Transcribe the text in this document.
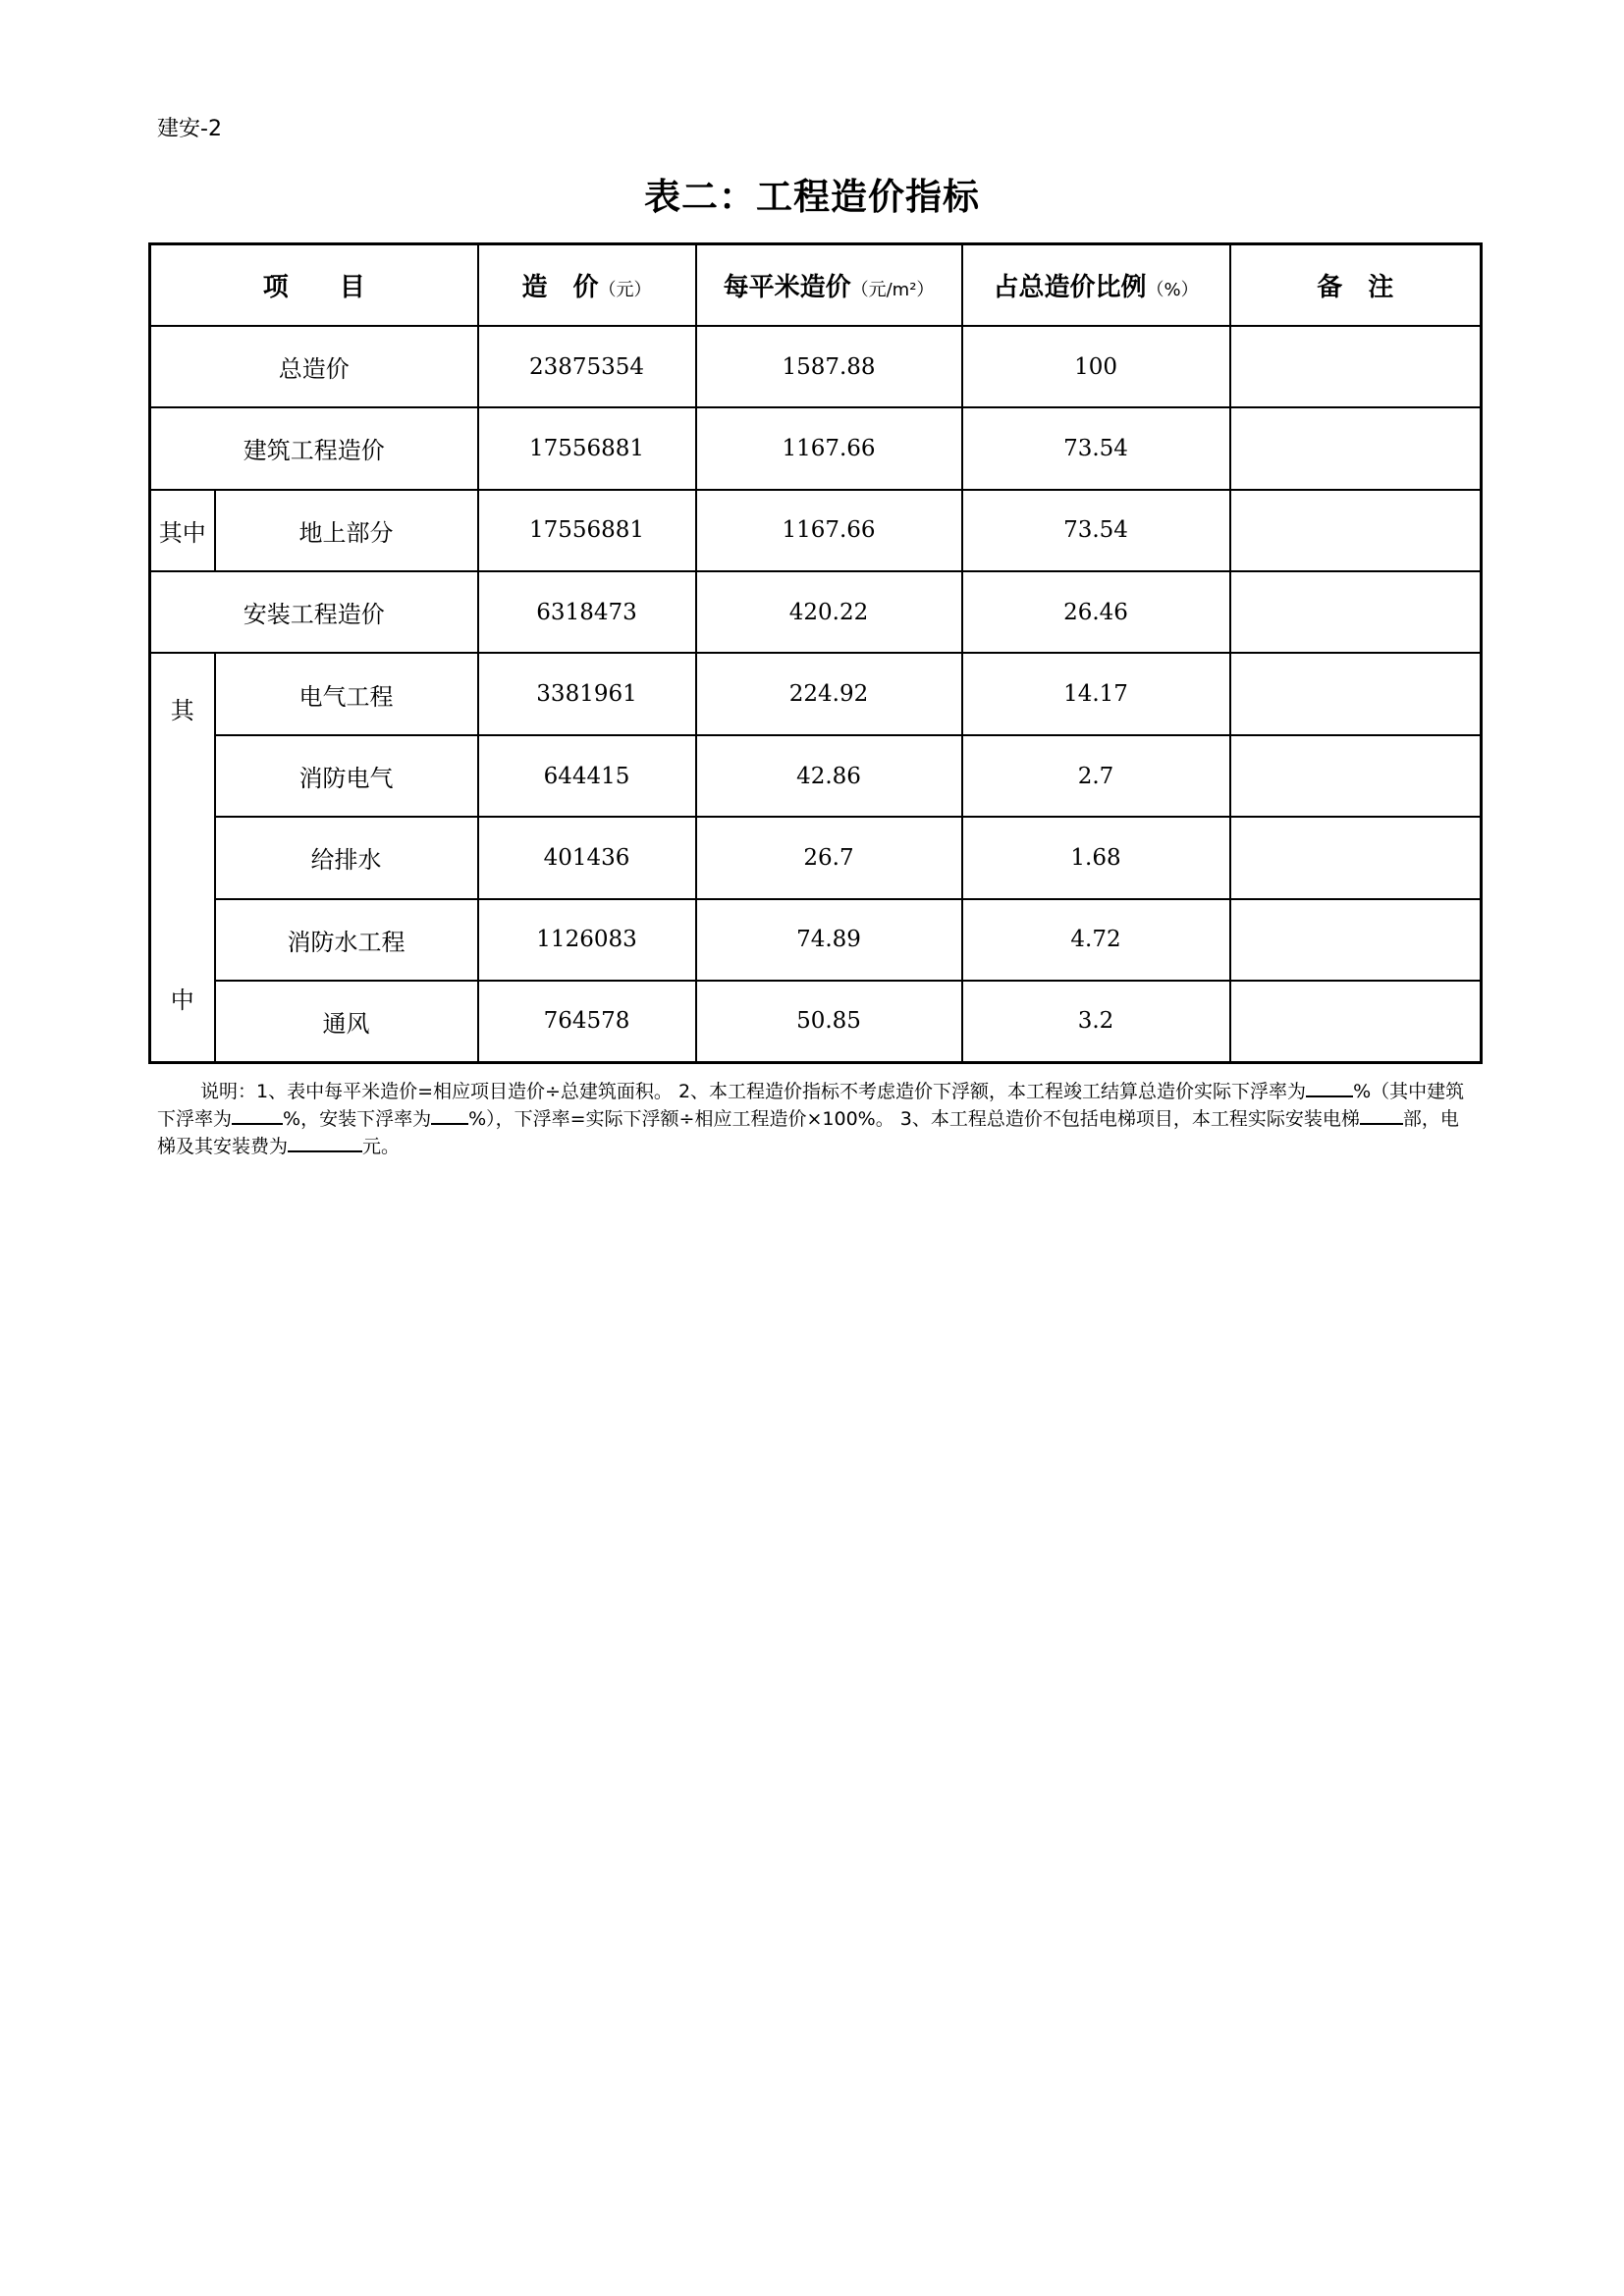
建安-2
表二：工程造价指标
项　　目		造　价（元）	每平米造价（元/m²）	占总造价比例（%）	备　注
总造价		23875354	1587.88	100	
建筑工程造价		17556881	1167.66	73.54	
其中	地上部分	17556881	1167.66	73.54	
安装工程造价		6318473	420.22	26.46	

其
中	电气工程	3381961	224.92	14.17	
	消防电气	644415	42.86	2.7	
	给排水	401436	26.7	1.68	
	消防水工程	1126083	74.89	4.72	
	通风	764578	50.85	3.2	
说明：1、表中每平米造价=相应项目造价÷总建筑面积。 2、本工程造价指标不考虑造价下浮额，本工程竣工结算总造价实际下浮率为	%（其中建筑下浮率为	%，安装下浮率为 %），下浮率=实际下浮额÷相应工程造价×100%。 3、本工程总造价不包括电梯项目，本工程实际安装电梯 部，电梯及其安装费为	元。
